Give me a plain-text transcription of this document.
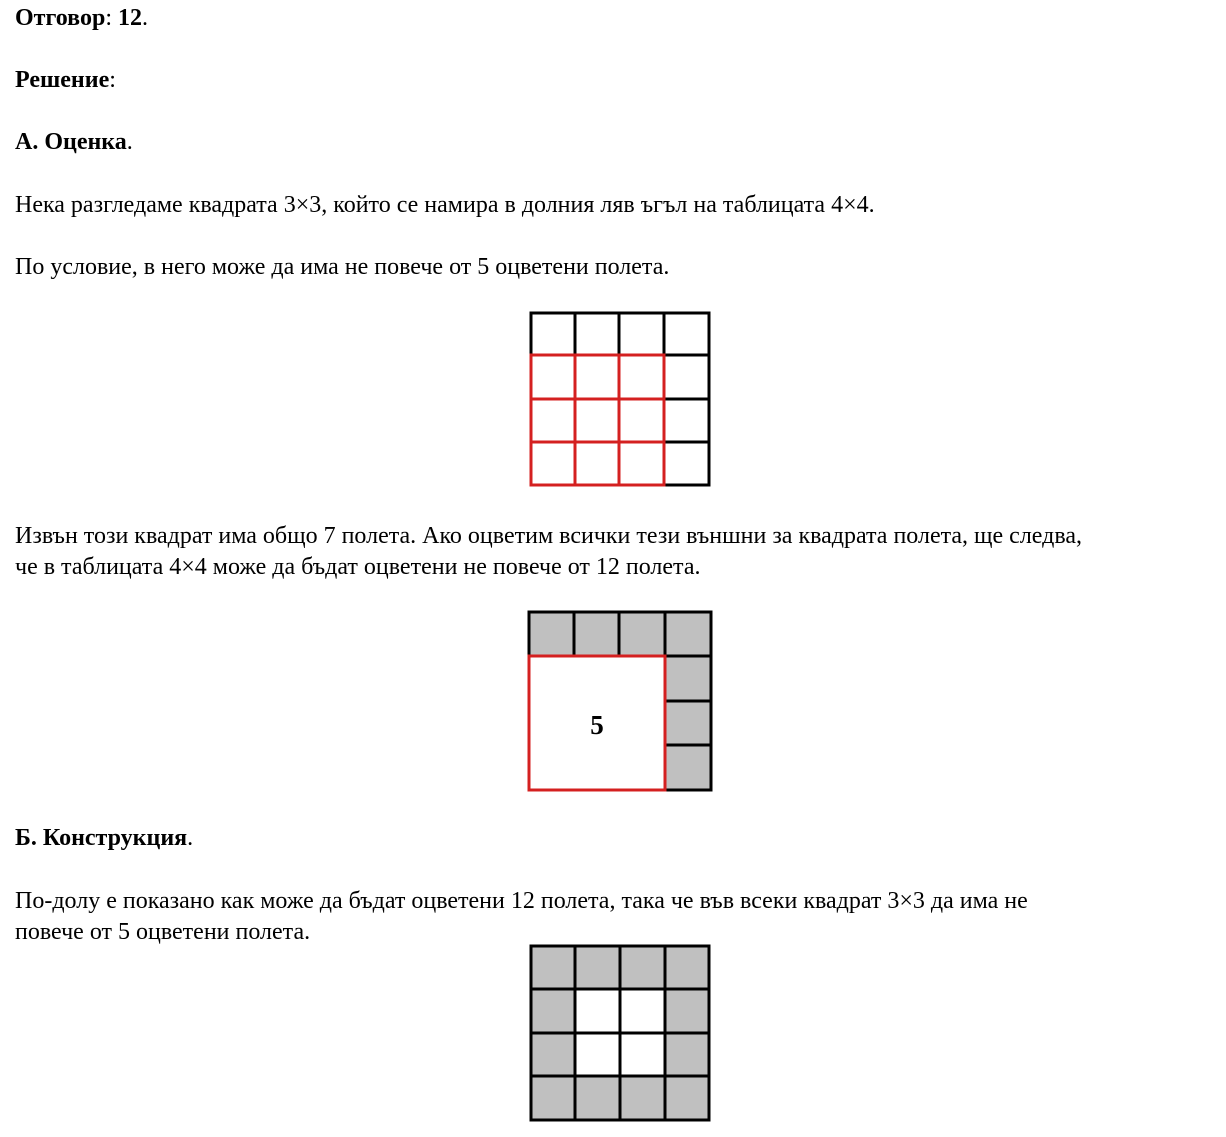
Отговор: 12.

Решение:

А. Оценка.

Нека разгледаме квадрата 3×3, който се намира в долния ляв ъгъл на таблицата 4×4.

По условие, в него може да има не повече от 5 оцветени полета.

Извън този квадрат има общо 7 полета. Ако оцветим всички тези външни за квадрата полета, ще следва,

че в таблицата 4×4 може да бъдат оцветени не повече от 12 полета.

5

Б. Конструкция.

По-долу е показано как може да бъдат оцветени 12 полета, така че във всеки квадрат 3×3 да има не

повече от 5 оцветени полета.
